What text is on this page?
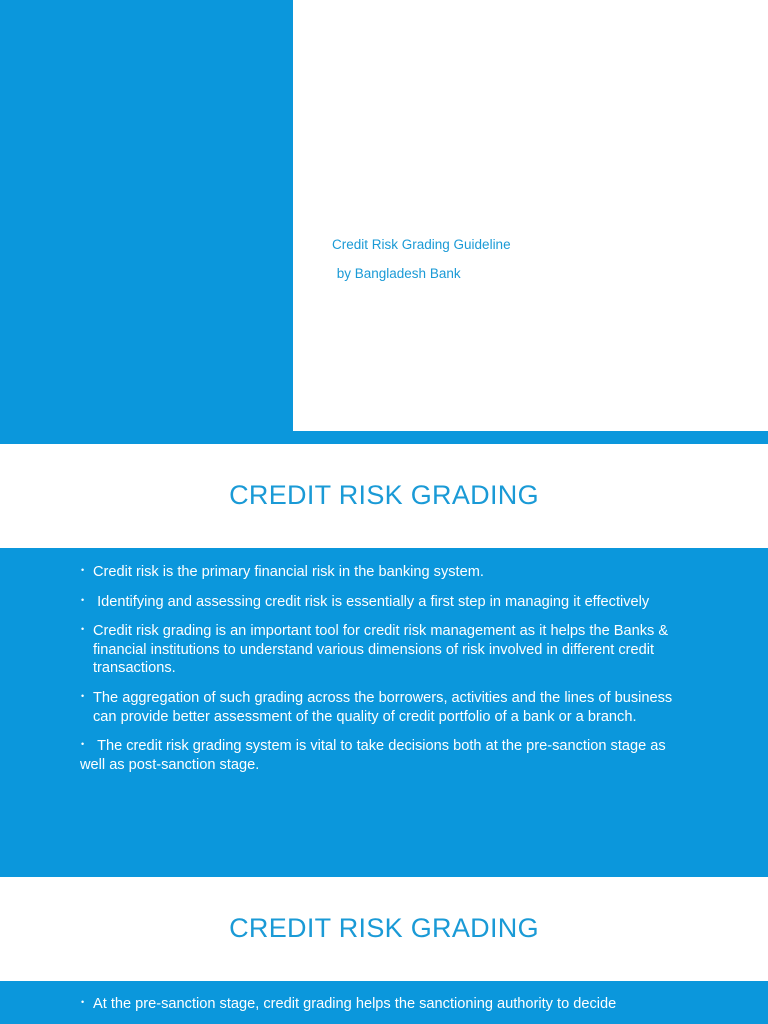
Credit Risk Grading Guideline
by Bangladesh Bank
CREDIT RISK GRADING
• Credit risk is the primary financial risk in the banking system.
• Identifying and assessing credit risk is essentially a first step in managing it effectively
• Credit risk grading is an important tool for credit risk management as it helps the Banks & financial institutions to understand various dimensions of risk involved in different credit transactions.
• The aggregation of such grading across the borrowers, activities and the lines of business can provide better assessment of the quality of credit portfolio of a bank or a branch.
• The credit risk grading system is vital to take decisions both at the pre-sanction stage as well as post-sanction stage.
CREDIT RISK GRADING
• At the pre-sanction stage, credit grading helps the sanctioning authority to decide
